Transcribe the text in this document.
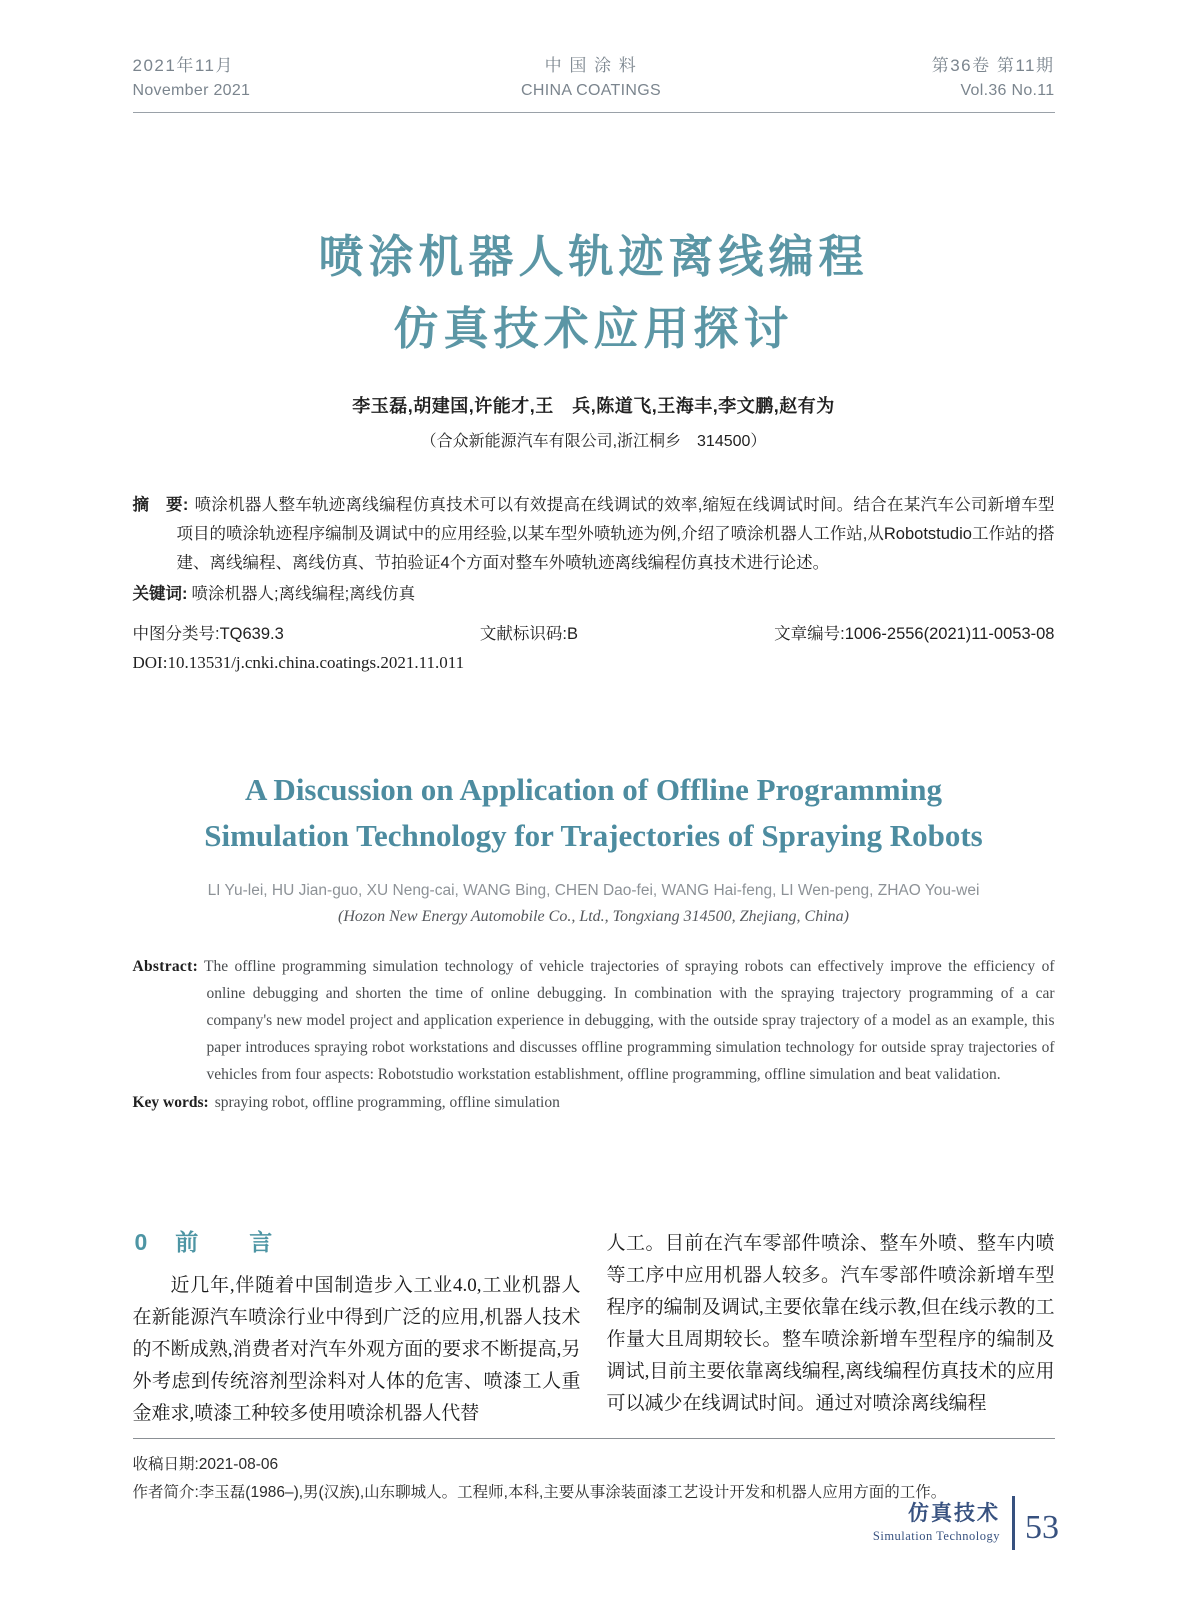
2021年11月
November 2021
中 国 涂 料
CHINA COATINGS
第36卷 第11期
Vol.36 No.11
喷涂机器人轨迹离线编程
仿真技术应用探讨
李玉磊,胡建国,许能才,王　兵,陈道飞,王海丰,李文鹏,赵有为
（合众新能源汽车有限公司,浙江桐乡　314500）

摘　要: 喷涂机器人整车轨迹离线编程仿真技术可以有效提高在线调试的效率,缩短在线调试时间。结合在某汽车公司新增车型项目的喷涂轨迹程序编制及调试中的应用经验,以某车型外喷轨迹为例,介绍了喷涂机器人工作站,从Robotstudio工作站的搭建、离线编程、离线仿真、节拍验证4个方面对整车外喷轨迹离线编程仿真技术进行论述。

关键词: 喷涂机器人;离线编程;离线仿真

中图分类号:TQ639.3	文献标识码:B	文章编号:1006-2556(2021)11-0053-08
DOI:10.13531/j.cnki.china.coatings.2021.11.011
A Discussion on Application of Offline Programming
Simulation Technology for Trajectories of Spraying Robots
LI Yu-lei, HU Jian-guo, XU Neng-cai, WANG Bing, CHEN Dao-fei, WANG Hai-feng, LI Wen-peng, ZHAO You-wei
(Hozon New Energy Automobile Co., Ltd., Tongxiang 314500, Zhejiang, China)

Abstract: The offline programming simulation technology of vehicle trajectories of spraying robots can effectively improve the efficiency of online debugging and shorten the time of online debugging. In combination with the spraying trajectory programming of a car company's new model project and application experience in debugging, with the outside spray trajectory of a model as an example, this paper introduces spraying robot workstations and discusses offline programming simulation technology for outside spray trajectories of vehicles from four aspects: Robotstudio workstation establishment, offline programming, offline simulation and beat validation.

Key words: spraying robot, offline programming, offline simulation

0 前　言

近几年,伴随着中国制造步入工业4.0,工业机器人在新能源汽车喷涂行业中得到广泛的应用,机器人技术的不断成熟,消费者对汽车外观方面的要求不断提高,另外考虑到传统溶剂型涂料对人体的危害、喷漆工人重金难求,喷漆工种较多使用喷涂机器人代替

人工。目前在汽车零部件喷涂、整车外喷、整车内喷等工序中应用机器人较多。汽车零部件喷涂新增车型程序的编制及调试,主要依靠在线示教,但在线示教的工作量大且周期较长。整车喷涂新增车型程序的编制及调试,目前主要依靠离线编程,离线编程仿真技术的应用可以减少在线调试时间。通过对喷涂离线编程

收稿日期:2021-08-06
作者简介:李玉磊(1986–),男(汉族),山东聊城人。工程师,本科,主要从事涂装面漆工艺设计开发和机器人应用方面的工作。
仿真技术
Simulation Technology 53
